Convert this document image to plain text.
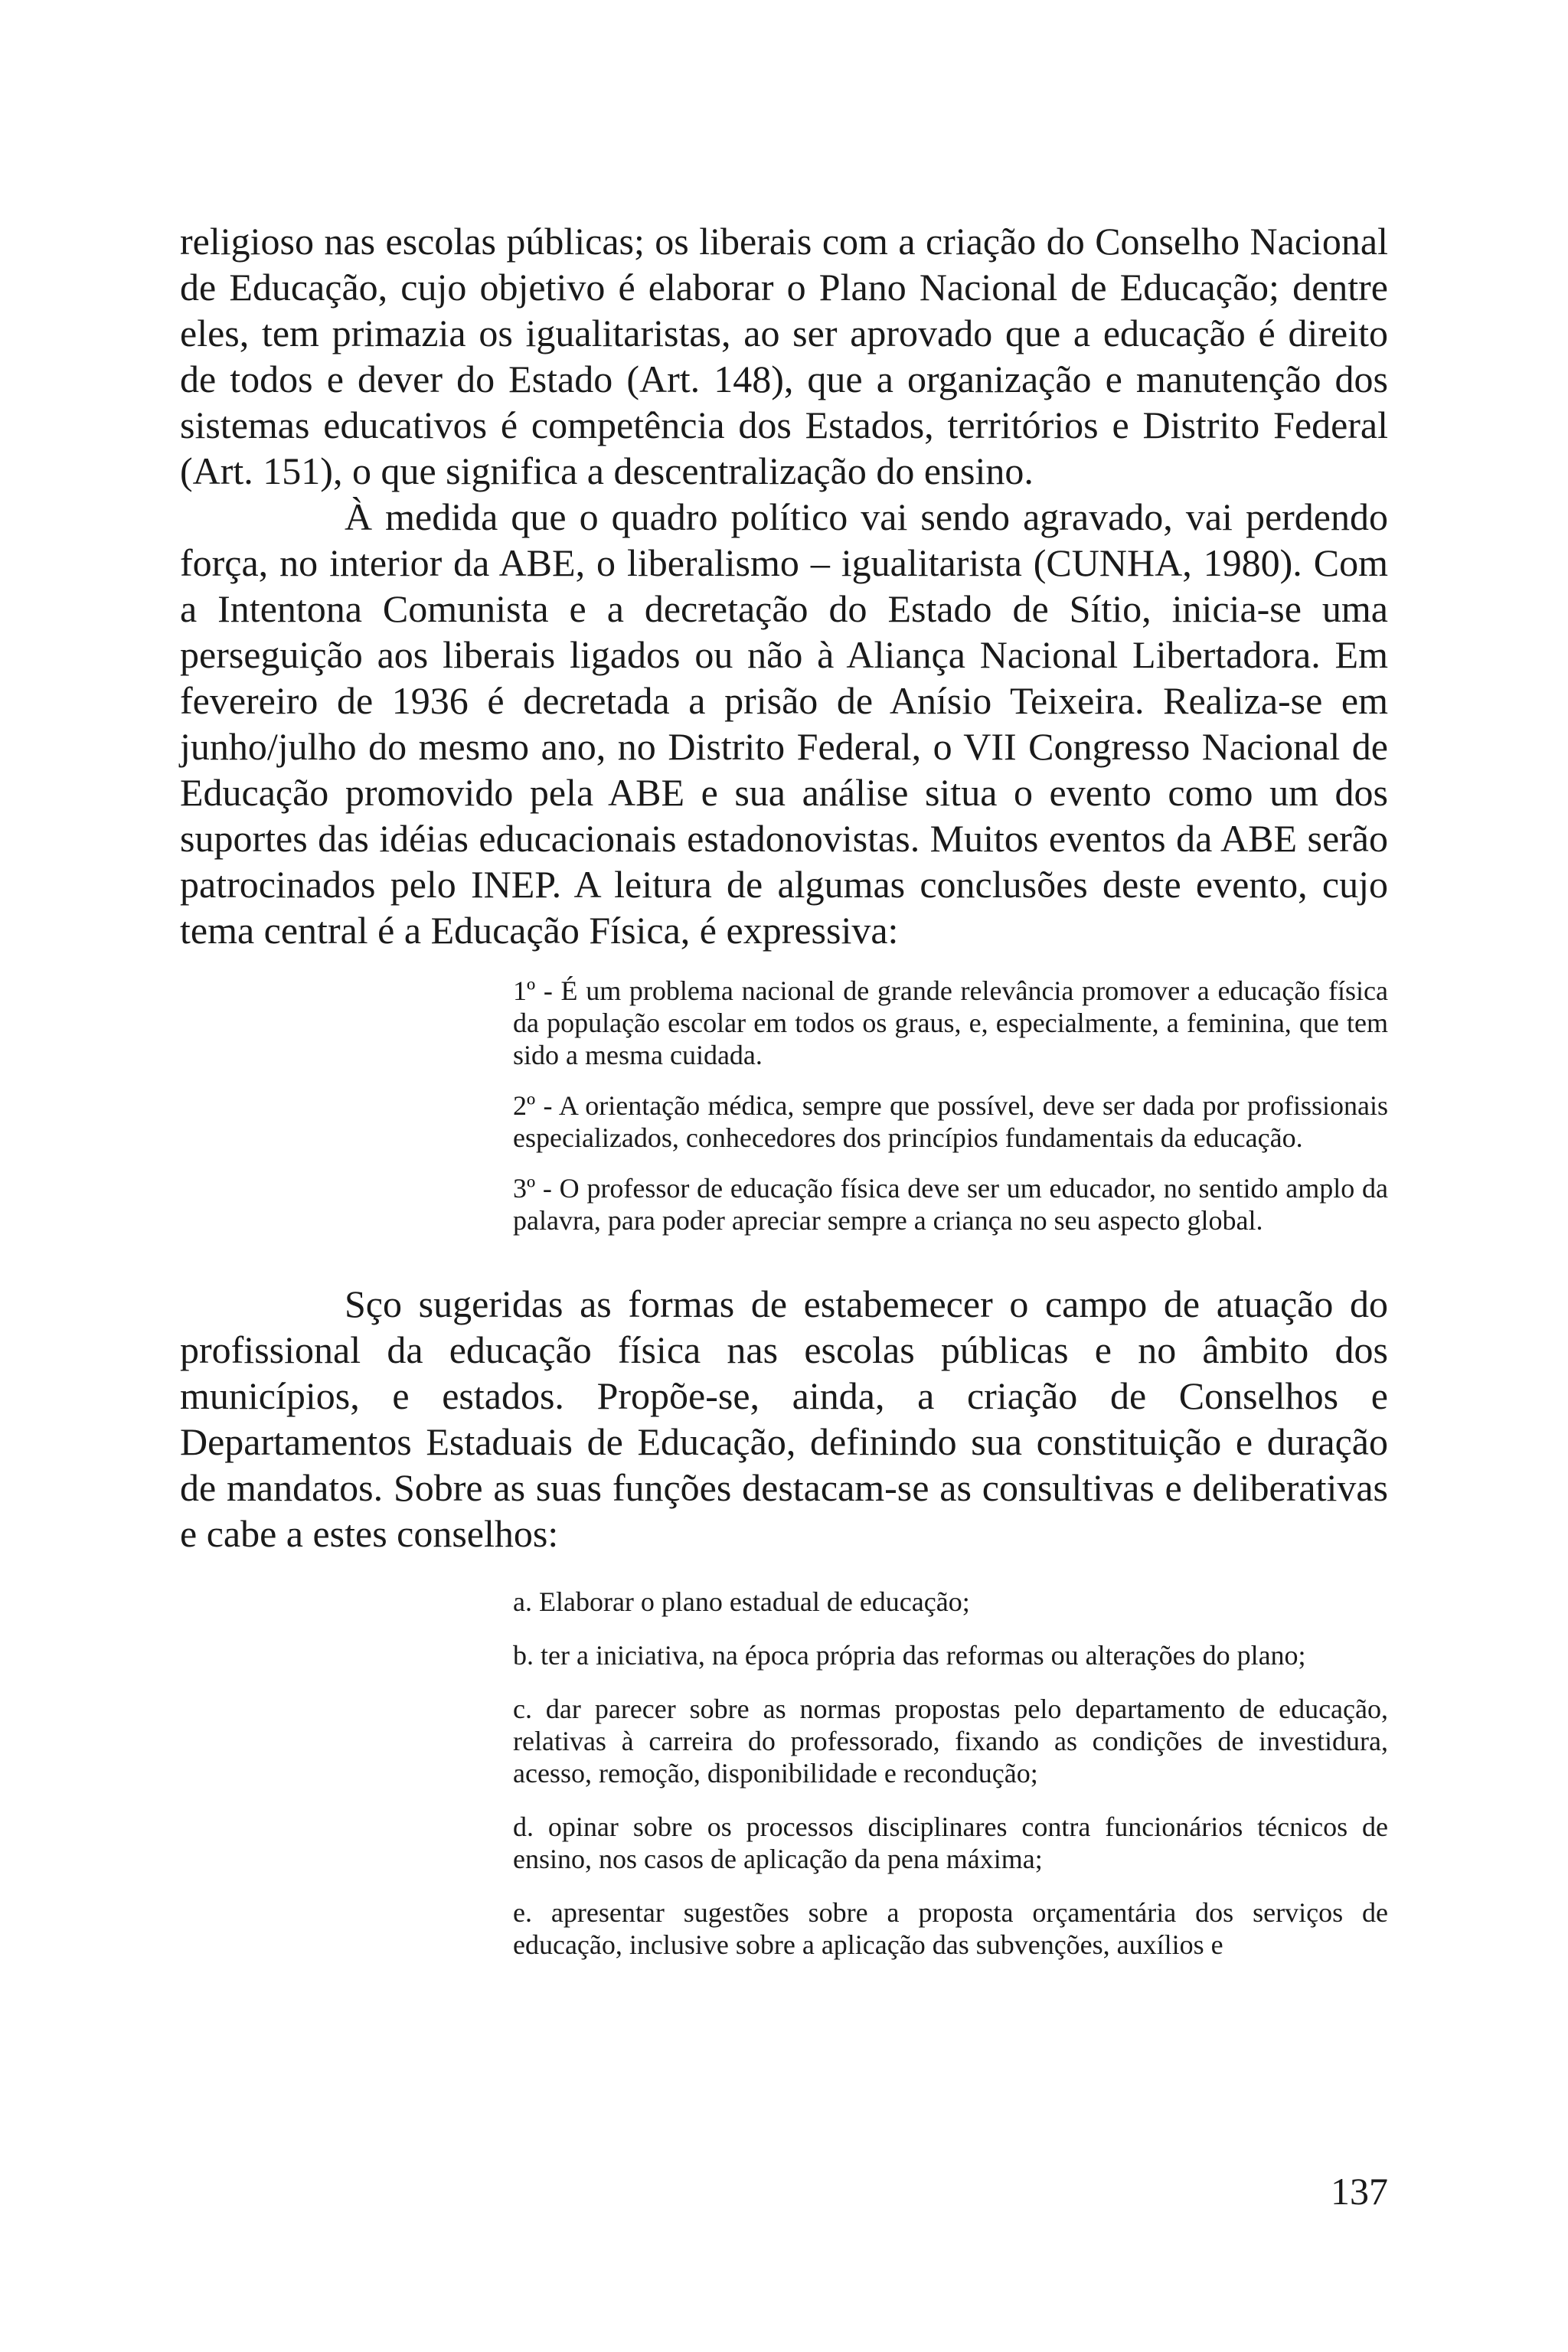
religioso nas escolas públicas; os liberais com a criação do Conselho Nacional de Educação, cujo objetivo é elaborar o Plano Nacional de Educação; dentre eles, tem primazia os igualitaristas, ao ser aprovado que a educação é direito de todos e dever do Estado (Art. 148), que a organização e manutenção dos sistemas educativos é competência dos Estados, territórios e Distrito Federal (Art. 151), o que significa a descentralização do ensino.

À medida que o quadro político vai sendo agravado, vai perdendo força, no interior da ABE, o liberalismo – igualitarista (CUNHA, 1980). Com a Intentona Comunista e a decretação do Estado de Sítio, inicia-se uma perseguição aos liberais ligados ou não à Aliança Nacional Libertadora. Em fevereiro de 1936 é decretada a prisão de Anísio Teixeira. Realiza-se em junho/julho do mesmo ano, no Distrito Federal, o VII Congresso Nacional de Educação promovido pela ABE e sua análise situa o evento como um dos suportes das idéias educacionais estadonovistas. Muitos eventos da ABE serão patrocinados pelo INEP. A leitura de algumas conclusões deste evento, cujo tema central é a Educação Física, é expressiva:

1º - É um problema nacional de grande relevância promover a educação física da população escolar em todos os graus, e, especialmente, a feminina, que tem sido a mesma cuidada.

2º - A orientação médica, sempre que possível, deve ser dada por profissionais especializados, conhecedores dos princípios fundamentais da educação.

3º - O professor de educação física deve ser um educador, no sentido amplo da palavra, para poder apreciar sempre a criança no seu aspecto global.

Sço sugeridas as formas de estabemecer o campo de atuação do profissional da educação física nas escolas públicas e no âmbito dos municípios, e estados. Propõe-se, ainda, a criação de Conselhos e Departamentos Estaduais de Educação, definindo sua constituição e duração de mandatos. Sobre as suas funções destacam-se as consultivas e deliberativas e cabe a estes conselhos:

a. Elaborar o plano estadual de educação;

b. ter a iniciativa, na época própria das reformas ou alterações do plano;

c. dar parecer sobre as normas propostas pelo departamento de educação, relativas à carreira do professorado, fixando as condições de investidura, acesso, remoção, disponibilidade e recondução;

d. opinar sobre os processos disciplinares contra funcionários técnicos de ensino, nos casos de aplicação da pena máxima;

e. apresentar sugestões sobre a proposta orçamentária dos serviços de educação, inclusive sobre a aplicação das subvenções, auxílios e

137
